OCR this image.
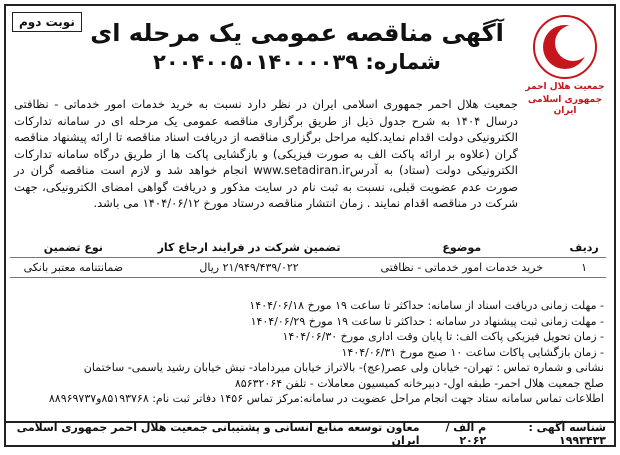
نوبت دوم
جمعیت هلال احمر
جمهوری اسلامی ایران
آگهی مناقصه عمومی یک مرحله ای
شماره: ۲۰۰۴۰۰۵۰۱۴۰۰۰۰۳۹

جمعیت هلال احمر جمهوری اسلامی ایران در نظر دارد نسبت به خرید خدمات امور خدماتی - نظافتی درسال ۱۴۰۴ به شرح جدول ذیل از طریق برگزاری مناقصه عمومی یک مرحله ای در سامانه تدارکات الکترونیکی دولت اقدام نماید.کلیه مراحل برگزاری مناقصه از دریافت اسناد مناقصه تا ارائه پیشنهاد مناقصه گران (علاوه بر ارائه پاکت الف به صورت فیزیکی) و بازگشایی پاکت ها از طریق درگاه سامانه تدارکات الکترونیکی دولت (ستاد) به آدرسwww.setadiran.ir انجام خواهد شد و لازم است مناقصه گران در صورت عدم عضویت قبلی، نسبت به ثبت نام در سایت مذکور و دریافت گواهی امضای الکترونیکی، جهت شرکت در مناقصه اقدام نمایند . زمان انتشار مناقصه درستاد مورخ ۱۴۰۴/۰۶/۱۲ می باشد.

ردیف	موضوع	تضمین شرکت در فرایند ارجاع کار	نوع تضمین
۱	خرید خدمات امور خدماتی - نظافتی	۲۱/۹۴۹/۴۳۹/۰۲۲ ریال	ضمانتنامه معتبر بانکی
- مهلت زمانی دریافت اسناد از سامانه: حداکثر تا ساعت ۱۹ مورخ ۱۴۰۴/۰۶/۱۸
- مهلت زمانی ثبت پیشنهاد در سامانه : حداکثر تا ساعت ۱۹ مورخ ۱۴۰۴/۰۶/۲۹
- زمان تحویل فیزیکی پاکت الف: تا پایان وقت اداری مورخ ۱۴۰۴/۰۶/۳۰
- زمان بازگشایی پاکات ساعت ۱۰ صبح مورخ ۱۴۰۴/۰۶/۳۱
نشانی و شماره تماس : تهران- خیابان ولی عصر(عج)- بالاتراز خیابان میرداماد- نبش خیابان رشید یاسمی- ساختمان
صلح جمعیت هلال احمر- طبقه اول- دبیرخانه کمیسیون معاملات - تلفن ۸۵۶۳۲۰۶۴
اطلاعات تماس سامانه ستاد جهت انجام مراحل عضویت در سامانه:مرکز تماس ۱۴۵۶ دفاتر ثبت نام: ۸۵۱۹۳۷۶۸و۸۸۹۶۹۷۳۷
شناسه آگهی : ۱۹۹۳۴۳۳
م الف / ۲۰۶۲
معاون توسعه منابع انسانی و پشتیبانی جمعیت هلال احمر جمهوری اسلامی ایران
